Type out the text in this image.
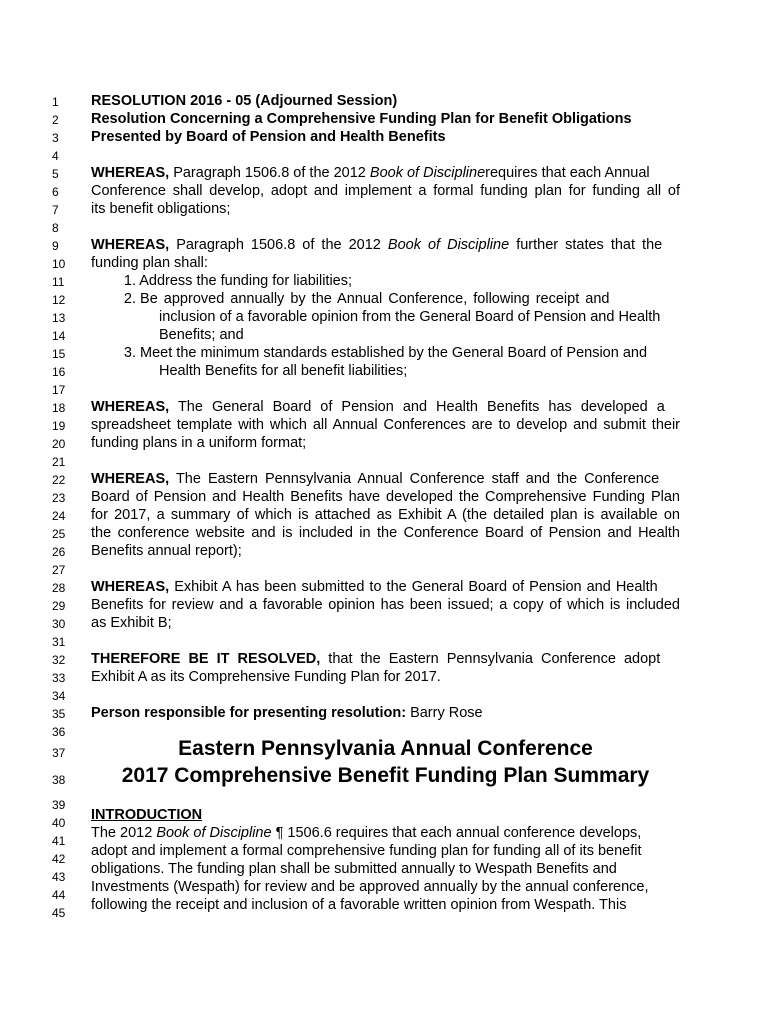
1
2
3
4
5
6
7
8
9
10
11
12
13
14
15
16
17
18
19
20
21
22
23
24
25
26
27
28
29
30
31
32
33
34
35
36
37
38
39
40
41
42
43
44
45
RESOLUTION 2016 - 05 (Adjourned Session)
Resolution Concerning a Comprehensive Funding Plan for Benefit Obligations
Presented by Board of Pension and Health Benefits
WHEREAS, Paragraph 1506.8 of the 2012 Book of Disciplinerequires that each Annual
Conference shall develop, adopt and implement a formal funding plan for funding all of
its benefit obligations;
WHEREAS, Paragraph 1506.8 of the 2012 Book of Discipline further states that the
funding plan shall:
1. Address the funding for liabilities;
2. Be approved annually by the Annual Conference, following receipt and
inclusion of a favorable opinion from the General Board of Pension and Health
Benefits; and
3. Meet the minimum standards established by the General Board of Pension and
Health Benefits for all benefit liabilities;
WHEREAS, The General Board of Pension and Health Benefits has developed a
spreadsheet template with which all Annual Conferences are to develop and submit their
funding plans in a uniform format;
WHEREAS, The Eastern Pennsylvania Annual Conference staff and the Conference
Board of Pension and Health Benefits have developed the Comprehensive Funding Plan
for 2017, a summary of which is attached as Exhibit A (the detailed plan is available on
the conference website and is included in the Conference Board of Pension and Health
Benefits annual report);
WHEREAS, Exhibit A has been submitted to the General Board of Pension and Health
Benefits for review and a favorable opinion has been issued; a copy of which is included
as Exhibit B;
THEREFORE BE IT RESOLVED, that the Eastern Pennsylvania Conference adopt
Exhibit A as its Comprehensive Funding Plan for 2017.
Person responsible for presenting resolution: Barry Rose
Eastern Pennsylvania Annual Conference
2017 Comprehensive Benefit Funding Plan Summary
INTRODUCTION
The 2012 Book of Discipline ¶ 1506.6 requires that each annual conference develops,
adopt and implement a formal comprehensive funding plan for funding all of its benefit
obligations. The funding plan shall be submitted annually to Wespath Benefits and
Investments (Wespath) for review and be approved annually by the annual conference,
following the receipt and inclusion of a favorable written opinion from Wespath. This
